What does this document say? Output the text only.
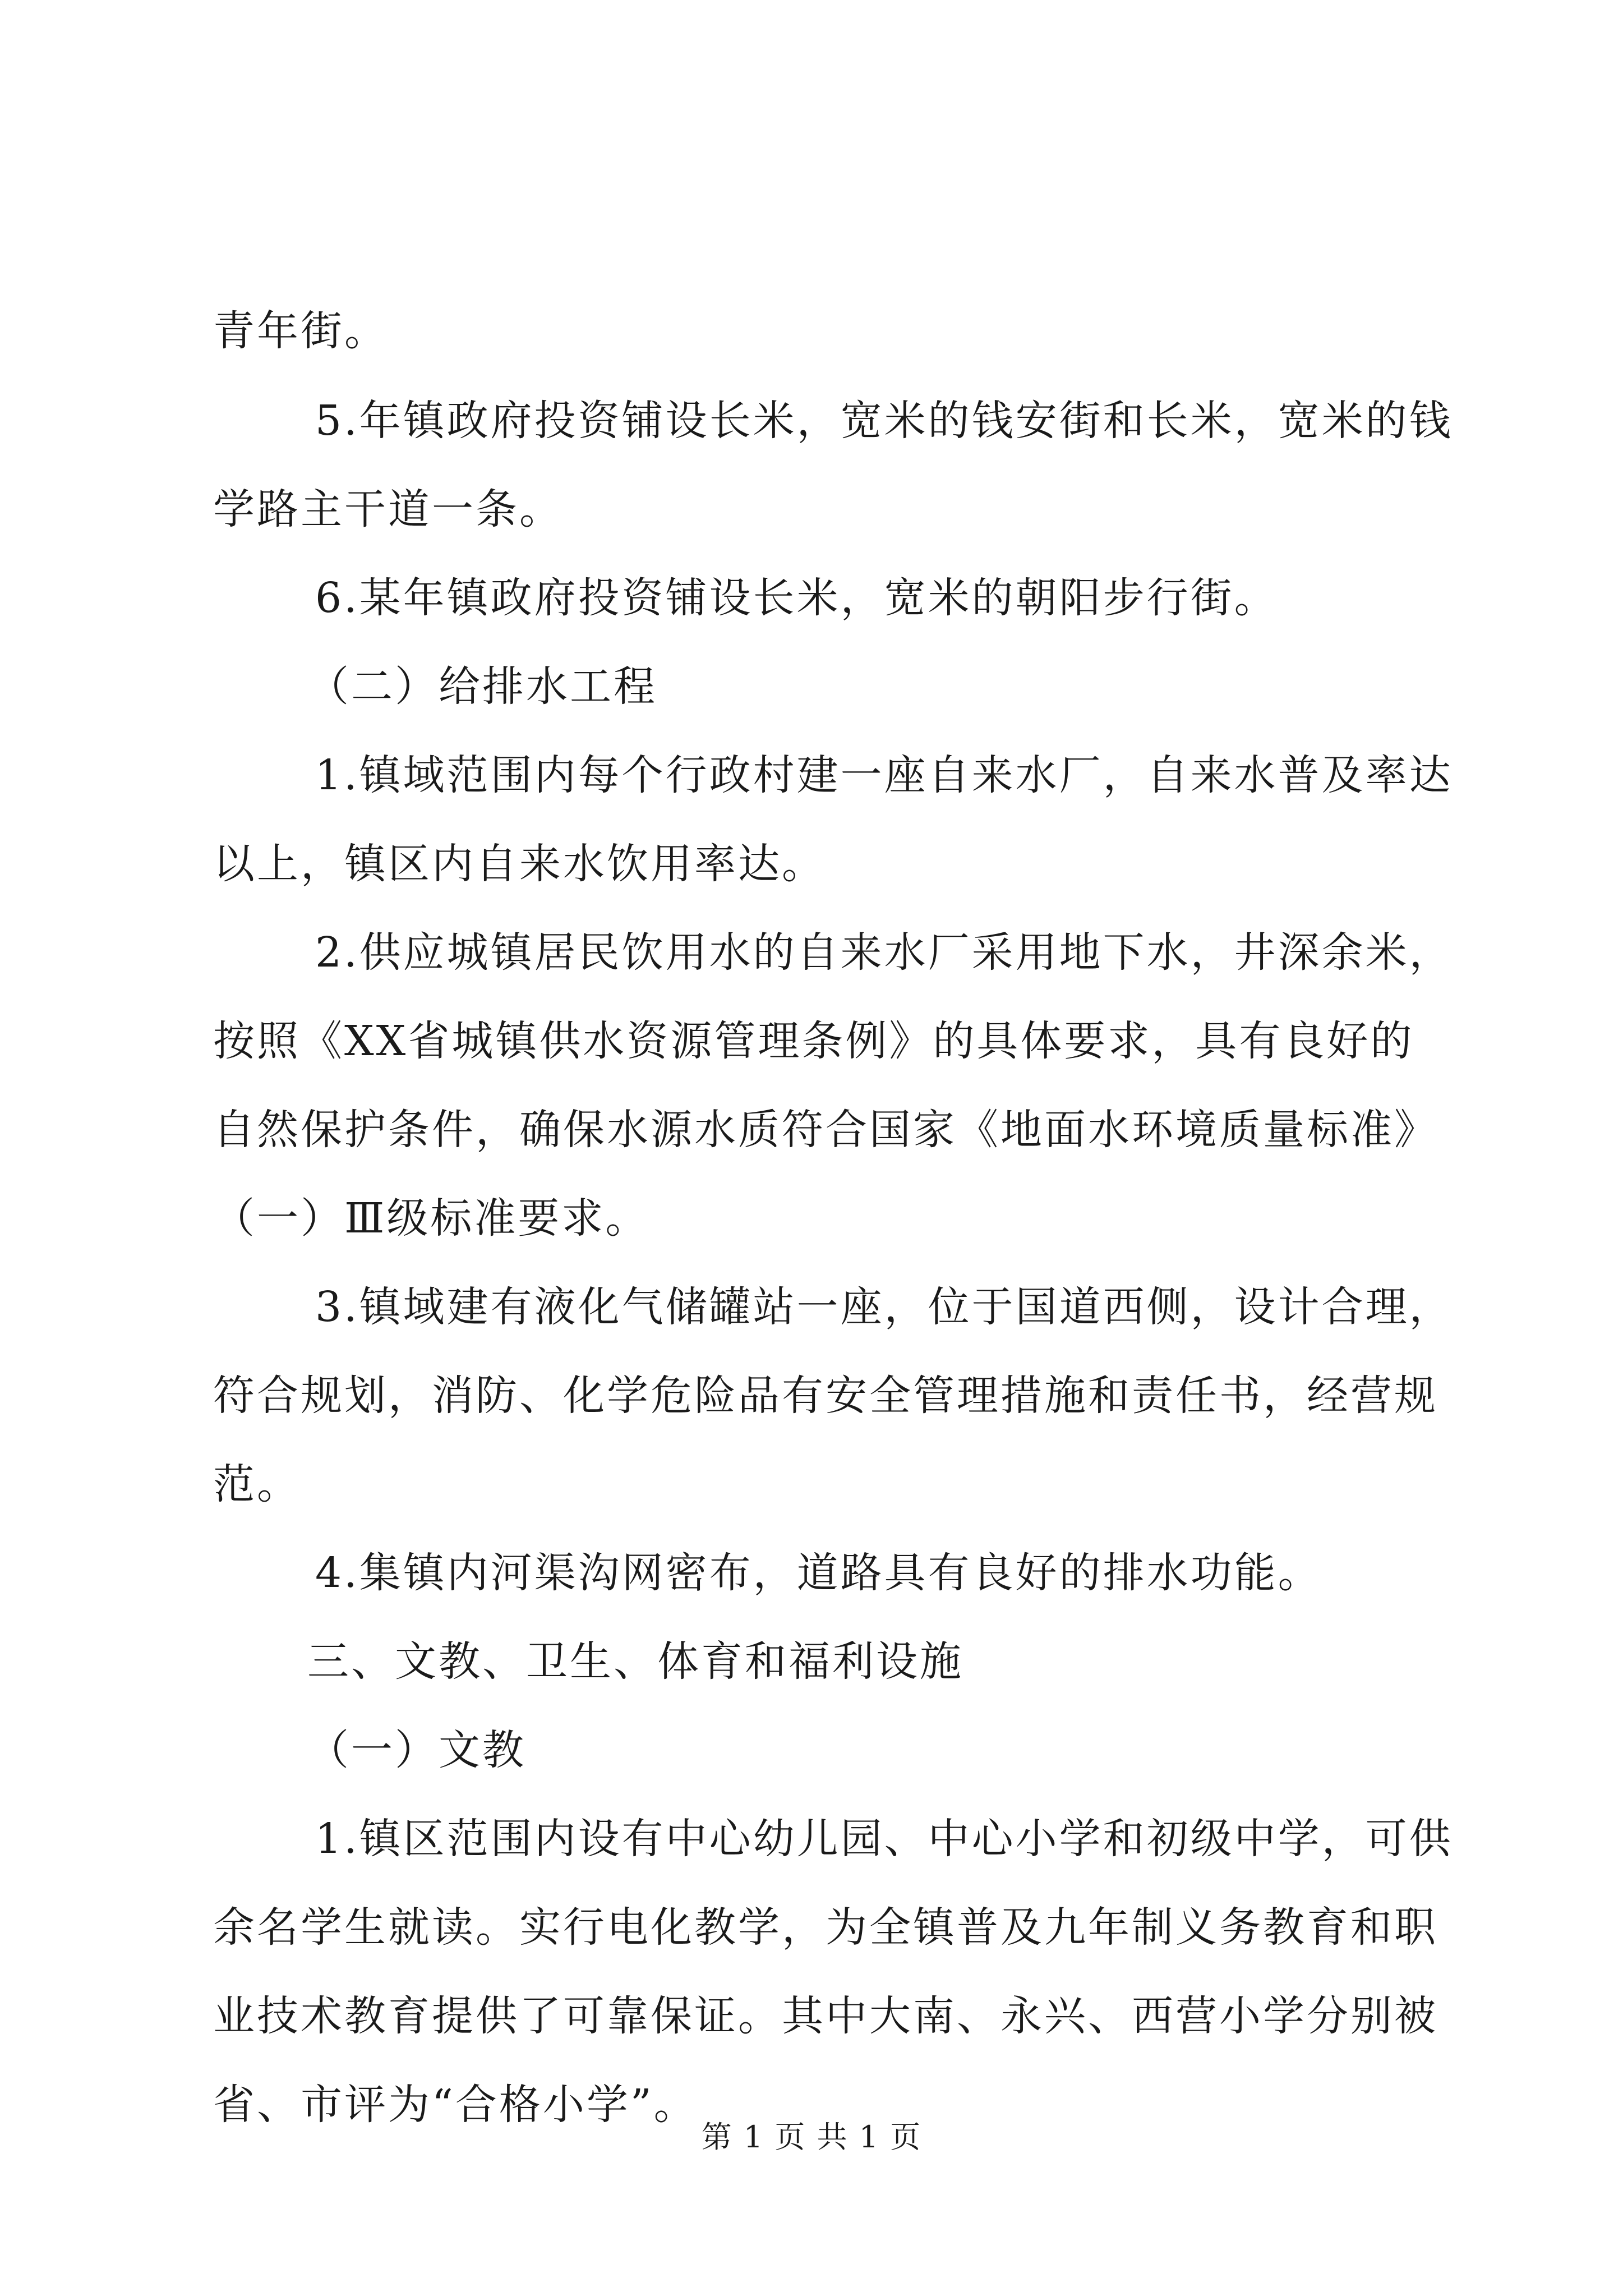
青年街。
5.年镇政府投资铺设长米，宽米的钱安街和长米，宽米的钱
学路主干道一条。
6.某年镇政府投资铺设长米，宽米的朝阳步行街。
（二）给排水工程
1.镇域范围内每个行政村建一座自来水厂，自来水普及率达
以上，镇区内自来水饮用率达。
2.供应城镇居民饮用水的自来水厂采用地下水，井深余米，
按照《XX省城镇供水资源管理条例》的具体要求，具有良好的
自然保护条件，确保水源水质符合国家《地面水环境质量标准》
（一）Ⅲ级标准要求。
3.镇域建有液化气储罐站一座，位于国道西侧，设计合理，
符合规划，消防、化学危险品有安全管理措施和责任书，经营规
范。
4.集镇内河渠沟网密布，道路具有良好的排水功能。
三、文教、卫生、体育和福利设施
（一）文教
1.镇区范围内设有中心幼儿园、中心小学和初级中学，可供
余名学生就读。实行电化教学，为全镇普及九年制义务教育和职
业技术教育提供了可靠保证。其中大南、永兴、西营小学分别被
省、市评为“合格小学”。
第 1 页 共 1 页
